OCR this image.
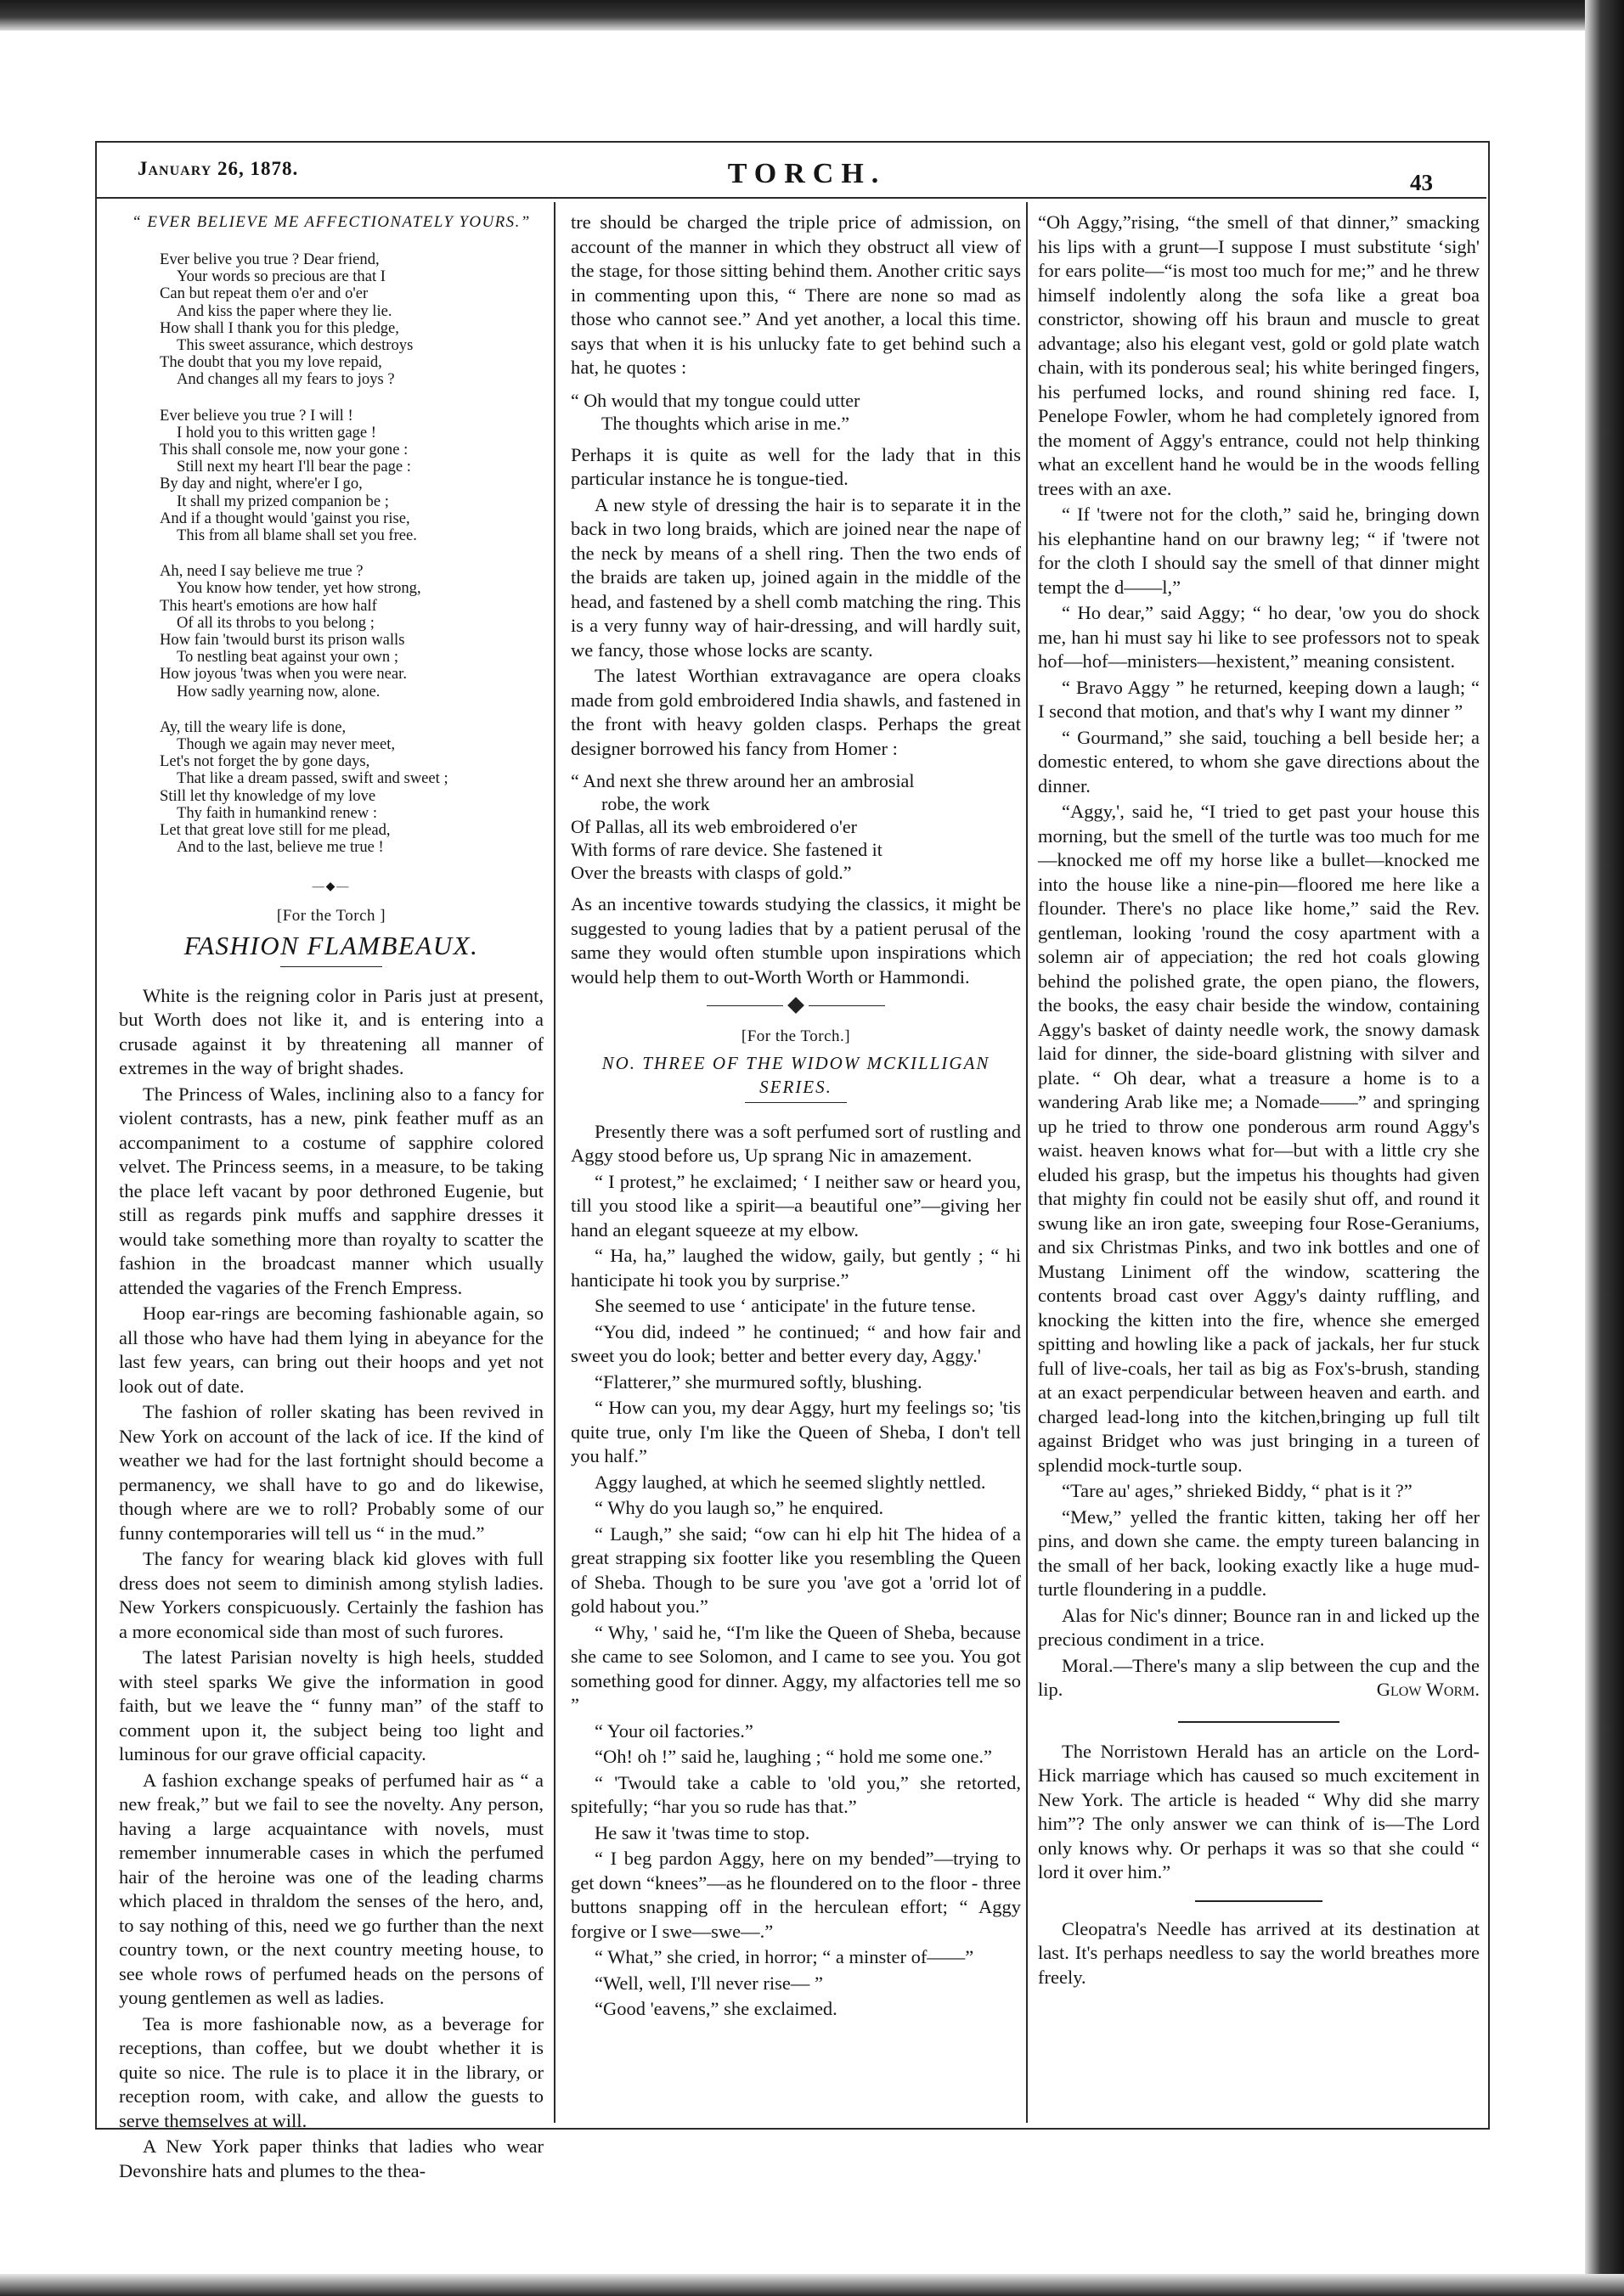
January 26, 1878.	TORCH.	43
“ EVER BELIEVE ME AFFECTIONATELY YOURS.”
Ever belive you true ? Dear friend,
Your words so precious are that I
Can but repeat them o'er and o'er
And kiss the paper where they lie.
How shall I thank you for this pledge,
This sweet assurance, which destroys
The doubt that you my love repaid,
And changes all my fears to joys ?
Ever believe you true ? I will !
I hold you to this written gage !
This shall console me, now your gone :
Still next my heart I'll bear the page :
By day and night, where'er I go,
It shall my prized companion be ;
And if a thought would 'gainst you rise,
This from all blame shall set you free.
Ah, need I say believe me true ?
You know how tender, yet how strong,
This heart's emotions are how half
Of all its throbs to you belong ;
How fain 'twould burst its prison walls
To nestling beat against your own ;
How joyous 'twas when you were near.
How sadly yearning now, alone.
Ay, till the weary life is done,
Though we again may never meet,
Let's not forget the by gone days,
That like a dream passed, swift and sweet ;
Still let thy knowledge of my love
Thy faith in humankind renew :
Let that great love still for me plead,
And to the last, believe me true !
—◆—
[For the Torch ]
FASHION FLAMBEAUX.

White is the reigning color in Paris just at present, but Worth does not like it, and is entering into a crusade against it by threatening all manner of extremes in the way of bright shades.

The Princess of Wales, inclining also to a fancy for violent contrasts, has a new, pink feather muff as an accompaniment to a costume of sapphire colored velvet. The Princess seems, in a measure, to be taking the place left vacant by poor dethroned Eugenie, but still as regards pink muffs and sapphire dresses it would take something more than royalty to scatter the fashion in the broadcast manner which usually attended the vagaries of the French Empress.

Hoop ear-rings are becoming fashionable again, so all those who have had them lying in abeyance for the last few years, can bring out their hoops and yet not look out of date.

The fashion of roller skating has been revived in New York on account of the lack of ice. If the kind of weather we had for the last fortnight should become a permanency, we shall have to go and do likewise, though where are we to roll? Probably some of our funny contemporaries will tell us “ in the mud.”

The fancy for wearing black kid gloves with full dress does not seem to diminish among stylish ladies. New Yorkers conspicuously. Certainly the fashion has a more economical side than most of such furores.

The latest Parisian novelty is high heels, studded with steel sparks We give the information in good faith, but we leave the “ funny man” of the staff to comment upon it, the subject being too light and luminous for our grave official capacity.

A fashion exchange speaks of perfumed hair as “ a new freak,” but we fail to see the novelty. Any person, having a large acquaintance with novels, must remember innumerable cases in which the perfumed hair of the heroine was one of the leading charms which placed in thraldom the senses of the hero, and, to say nothing of this, need we go further than the next country town, or the next country meeting house, to see whole rows of perfumed heads on the persons of young gentlemen as well as ladies.

Tea is more fashionable now, as a beverage for receptions, than coffee, but we doubt whether it is quite so nice. The rule is to place it in the library, or reception room, with cake, and allow the guests to serve themselves at will.

A New York paper thinks that ladies who wear Devonshire hats and plumes to the thea-

tre should be charged the triple price of admission, on account of the manner in which they obstruct all view of the stage, for those sitting behind them. Another critic says in commenting upon this, “ There are none so mad as those who cannot see.” And yet another, a local this time. says that when it is his unlucky fate to get behind such a hat, he quotes :

“ Oh would that my tongue could utter
The thoughts which arise in me.”

Perhaps it is quite as well for the lady that in this particular instance he is tongue-tied.

A new style of dressing the hair is to separate it in the back in two long braids, which are joined near the nape of the neck by means of a shell ring. Then the two ends of the braids are taken up, joined again in the middle of the head, and fastened by a shell comb matching the ring. This is a very funny way of hair-dressing, and will hardly suit, we fancy, those whose locks are scanty.

The latest Worthian extravagance are opera cloaks made from gold embroidered India shawls, and fastened in the front with heavy golden clasps. Perhaps the great designer borrowed his fancy from Homer :

“ And next she threw around her an ambrosial
robe, the work
Of Pallas, all its web embroidered o'er
With forms of rare device. She fastened it
Over the breasts with clasps of gold.”

As an incentive towards studying the classics, it might be suggested to young ladies that by a patient perusal of the same they would often stumble upon inspirations which would help them to out-Worth Worth or Hammondi.

[For the Torch.]
NO. THREE OF THE WIDOW MCKILLIGAN SERIES.

Presently there was a soft perfumed sort of rustling and Aggy stood before us, Up sprang Nic in amazement.

“ I protest,” he exclaimed; ‘ I neither saw or heard you, till you stood like a spirit—a beautiful one”—giving her hand an elegant squeeze at my elbow.

“ Ha, ha,” laughed the widow, gaily, but gently ; “ hi hanticipate hi took you by surprise.”

She seemed to use ‘ anticipate' in the future tense.

“You did, indeed ” he continued; “ and how fair and sweet you do look; better and better every day, Aggy.'

“Flatterer,” she murmured softly, blushing.

“ How can you, my dear Aggy, hurt my feelings so; 'tis quite true, only I'm like the Queen of Sheba, I don't tell you half.”

Aggy laughed, at which he seemed slightly nettled.

“ Why do you laugh so,” he enquired.

“ Laugh,” she said; “ow can hi elp hit The hidea of a great strapping six footter like you resembling the Queen of Sheba. Though to be sure you 'ave got a 'orrid lot of gold habout you.”

“ Why, ' said he, “I'm like the Queen of Sheba, because she came to see Solomon, and I came to see you. You got something good for dinner. Aggy, my alfactories tell me so ”

“ Your oil factories.”

“Oh! oh !” said he, laughing ; “ hold me some one.”

“ 'Twould take a cable to 'old you,” she retorted, spitefully; “har you so rude has that.”

He saw it 'twas time to stop.

“ I beg pardon Aggy, here on my bended”—trying to get down “knees”—as he floundered on to the floor - three buttons snapping off in the herculean effort; “ Aggy forgive or I swe—swe—.”

“ What,” she cried, in horror; “ a minster of——”

“Well, well, I'll never rise— ”

“Good 'eavens,” she exclaimed.

“Oh Aggy,”rising, “the smell of that dinner,” smacking his lips with a grunt—I suppose I must substitute ‘sigh' for ears polite—“is most too much for me;” and he threw himself indolently along the sofa like a great boa constrictor, showing off his braun and muscle to great advantage; also his elegant vest, gold or gold plate watch chain, with its ponderous seal; his white beringed fingers, his perfumed locks, and round shining red face. I, Penelope Fowler, whom he had completely ignored from the moment of Aggy's entrance, could not help thinking what an excellent hand he would be in the woods felling trees with an axe.

“ If 'twere not for the cloth,” said he, bringing down his elephantine hand on our brawny leg; “ if 'twere not for the cloth I should say the smell of that dinner might tempt the d——l,”

“ Ho dear,” said Aggy; “ ho dear, 'ow you do shock me, han hi must say hi like to see professors not to speak hof—hof—ministers—hexistent,” meaning consistent.

“ Bravo Aggy ” he returned, keeping down a laugh; “ I second that motion, and that's why I want my dinner ”

“ Gourmand,” she said, touching a bell beside her; a domestic entered, to whom she gave directions about the dinner.

“Aggy,', said he, “I tried to get past your house this morning, but the smell of the turtle was too much for me—knocked me off my horse like a bullet—knocked me into the house like a nine-pin—floored me here like a flounder. There's no place like home,” said the Rev. gentleman, looking 'round the cosy apartment with a solemn air of appeciation; the red hot coals glowing behind the polished grate, the open piano, the flowers, the books, the easy chair beside the window, containing Aggy's basket of dainty needle work, the snowy damask laid for dinner, the side-board glistning with silver and plate. “ Oh dear, what a treasure a home is to a wandering Arab like me; a Nomade——” and springing up he tried to throw one ponderous arm round Aggy's waist. heaven knows what for—but with a little cry she eluded his grasp, but the impetus his thoughts had given that mighty fin could not be easily shut off, and round it swung like an iron gate, sweeping four Rose-Geraniums, and six Christmas Pinks, and two ink bottles and one of Mustang Liniment off the window, scattering the contents broad cast over Aggy's dainty ruffling, and knocking the kitten into the fire, whence she emerged spitting and howling like a pack of jackals, her fur stuck full of live-coals, her tail as big as Fox's-brush, standing at an exact perpendicular between heaven and earth. and charged lead-long into the kitchen,bringing up full tilt against Bridget who was just bringing in a tureen of splendid mock-turtle soup.

“Tare au' ages,” shrieked Biddy, “ phat is it ?”

“Mew,” yelled the frantic kitten, taking her off her pins, and down she came. the empty tureen balancing in the small of her back, looking exactly like a huge mud-turtle floundering in a puddle.

Alas for Nic's dinner; Bounce ran in and licked up the precious condiment in a trice.

Moral.—There's many a slip between the cup and the lip.	Glow Worm.

The Norristown Herald has an article on the Lord-Hick marriage which has caused so much excitement in New York. The article is headed “ Why did she marry him”? The only answer we can think of is—The Lord only knows why. Or perhaps it was so that she could “ lord it over him.”

Cleopatra's Needle has arrived at its destination at last. It's perhaps needless to say the world breathes more freely.
